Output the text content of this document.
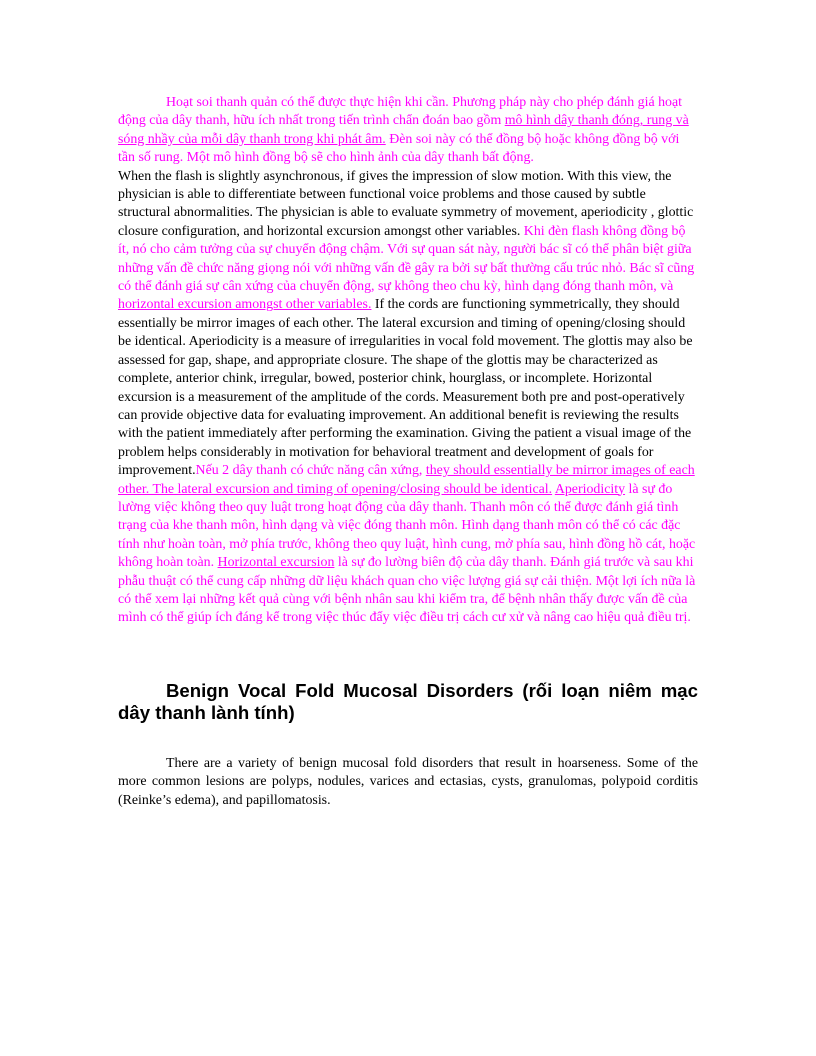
Hoạt soi thanh quản có thể được thực hiện khi cần. Phương pháp này cho phép đánh giá hoạt động của dây thanh, hữu ích nhất trong tiến trình chẩn đoán bao gồm mô hình dây thanh đóng, rung và sóng nhầy của mỗi dây thanh trong khi phát âm. Đèn soi này có thể đồng bộ hoặc không đồng bộ với tần số rung. Một mô hình đồng bộ sẽ cho hình ảnh của dây thanh bất động.

When the flash is slightly asynchronous, if gives the impression of slow motion. With this view, the physician is able to differentiate between functional voice problems and those caused by subtle structural abnormalities. The physician is able to evaluate symmetry of movement, aperiodicity , glottic closure configuration, and horizontal excursion amongst other variables. Khi đèn flash không đồng bộ ít, nó cho cảm tưởng của sự chuyển động chậm. Với sự quan sát này, người bác sĩ có thể phân biệt giữa những vấn đề chức năng giọng nói với những vấn đề gây ra bởi sự bất thường cấu trúc nhỏ. Bác sĩ cũng có thể đánh giá sự cân xứng của chuyển động, sự không theo chu kỳ, hình dạng đóng thanh môn, và horizontal excursion amongst other variables. If the cords are functioning symmetrically, they should essentially be mirror images of each other. The lateral excursion and timing of opening/closing should be identical. Aperiodicity is a measure of irregularities in vocal fold movement. The glottis may also be assessed for gap, shape, and appropriate closure. The shape of the glottis may be characterized as complete, anterior chink, irregular, bowed, posterior chink, hourglass, or incomplete. Horizontal excursion is a measurement of the amplitude of the cords. Measurement both pre and post-operatively can provide objective data for evaluating improvement. An additional benefit is reviewing the results with the patient immediately after performing the examination. Giving the patient a visual image of the problem helps considerably in motivation for behavioral treatment and development of goals for improvement.Nếu 2 dây thanh có chức năng cân xứng, they should essentially be mirror images of each other. The lateral excursion and timing of opening/closing should be identical. Aperiodicity là sự đo lường việc không theo quy luật trong hoạt động của dây thanh. Thanh môn có thể được đánh giá tình trạng của khe thanh môn, hình dạng và việc đóng thanh môn. Hình dạng thanh môn có thể có các đặc tính như hoàn toàn, mở phía trước, không theo quy luật, hình cung, mở phía sau, hình đồng hồ cát, hoặc không hoàn toàn. Horizontal excursion là sự đo lường biên độ của dây thanh. Đánh giá trước và sau khi phẫu thuật có thể cung cấp những dữ liệu khách quan cho việc lượng giá sự cải thiện. Một lợi ích nữa là có thể xem lại những kết quả cùng với bệnh nhân sau khi kiểm tra, để bệnh nhân thấy được vấn đề của mình có thể giúp ích đáng kể trong việc thúc đẩy việc điều trị cách cư xử và nâng cao hiệu quả điều trị.

Benign Vocal Fold Mucosal Disorders (rối loạn niêm mạc dây thanh lành tính)

There are a variety of benign mucosal fold disorders that result in hoarseness. Some of the more common lesions are polyps, nodules, varices and ectasias, cysts, granulomas, polypoid corditis (Reinke’s edema), and papillomatosis.
